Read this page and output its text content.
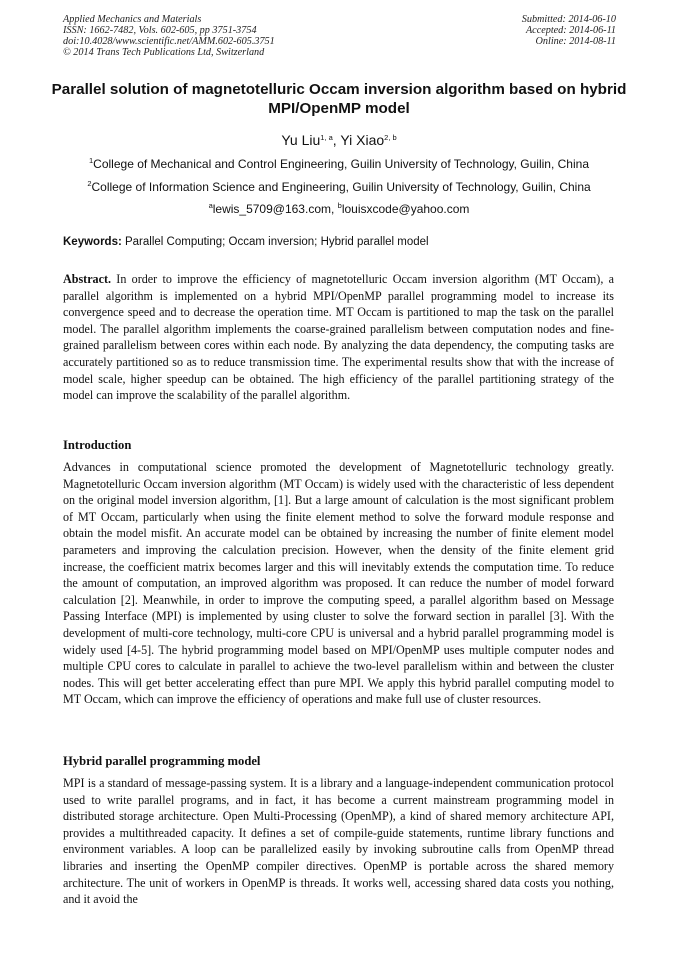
Applied Mechanics and Materials
ISSN: 1662-7482, Vols. 602-605, pp 3751-3754
doi:10.4028/www.scientific.net/AMM.602-605.3751
© 2014 Trans Tech Publications Ltd, Switzerland
Submitted: 2014-06-10
Accepted: 2014-06-11
Online: 2014-08-11
Parallel solution of magnetotelluric Occam inversion algorithm based on hybrid MPI/OpenMP model
Yu Liu$^{1, a}$, Yi Xiao$^{2, b}$
$^1$College of Mechanical and Control Engineering, Guilin University of Technology, Guilin, China
$^2$College of Information Science and Engineering, Guilin University of Technology, Guilin, China
$^a$lewis_5709@163.com, $^b$louisxcode@yahoo.com
Keywords: Parallel Computing; Occam inversion; Hybrid parallel model

Abstract. In order to improve the efficiency of magnetotelluric Occam inversion algorithm (MT Occam), a parallel algorithm is implemented on a hybrid MPI/OpenMP parallel programming model to increase its convergence speed and to decrease the operation time. MT Occam is partitioned to map the task on the parallel model. The parallel algorithm implements the coarse-grained parallelism between computation nodes and fine-grained parallelism between cores within each node. By analyzing the data dependency, the computing tasks are accurately partitioned so as to reduce transmission time. The experimental results show that with the increase of model scale, higher speedup can be obtained. The high efficiency of the parallel partitioning strategy of the model can improve the scalability of the parallel algorithm.

Introduction

Advances in computational science promoted the development of Magnetotelluric technology greatly. Magnetotelluric Occam inversion algorithm (MT Occam) is widely used with the characteristic of less dependent on the original model inversion algorithm, [1]. But a large amount of calculation is the most significant problem of MT Occam, particularly when using the finite element method to solve the forward module response and obtain the model misfit. An accurate model can be obtained by increasing the number of finite element model parameters and improving the calculation precision. However, when the density of the finite element grid increase, the coefficient matrix becomes larger and this will inevitably extends the computation time. To reduce the amount of computation, an improved algorithm was proposed. It can reduce the number of model forward calculation [2]. Meanwhile, in order to improve the computing speed, a parallel algorithm based on Message Passing Interface (MPI) is implemented by using cluster to solve the forward section in parallel [3]. With the development of multi-core technology, multi-core CPU is universal and a hybrid parallel programming model is widely used [4-5]. The hybrid programming model based on MPI/OpenMP uses multiple computer nodes and multiple CPU cores to calculate in parallel to achieve the two-level parallelism within and between the cluster nodes. This will get better accelerating effect than pure MPI. We apply this hybrid parallel computing model to MT Occam, which can improve the efficiency of operations and make full use of cluster resources.

Hybrid parallel programming model

MPI is a standard of message-passing system. It is a library and a language-independent communication protocol used to write parallel programs, and in fact, it has become a current mainstream programming model in distributed storage architecture. Open Multi-Processing (OpenMP), a kind of shared memory architecture API, provides a multithreaded capacity. It defines a set of compile-guide statements, runtime library functions and environment variables. A loop can be parallelized easily by invoking subroutine calls from OpenMP thread libraries and inserting the OpenMP compiler directives. OpenMP is portable across the shared memory architecture. The unit of workers in OpenMP is threads. It works well, accessing shared data costs you nothing, and it avoid the
